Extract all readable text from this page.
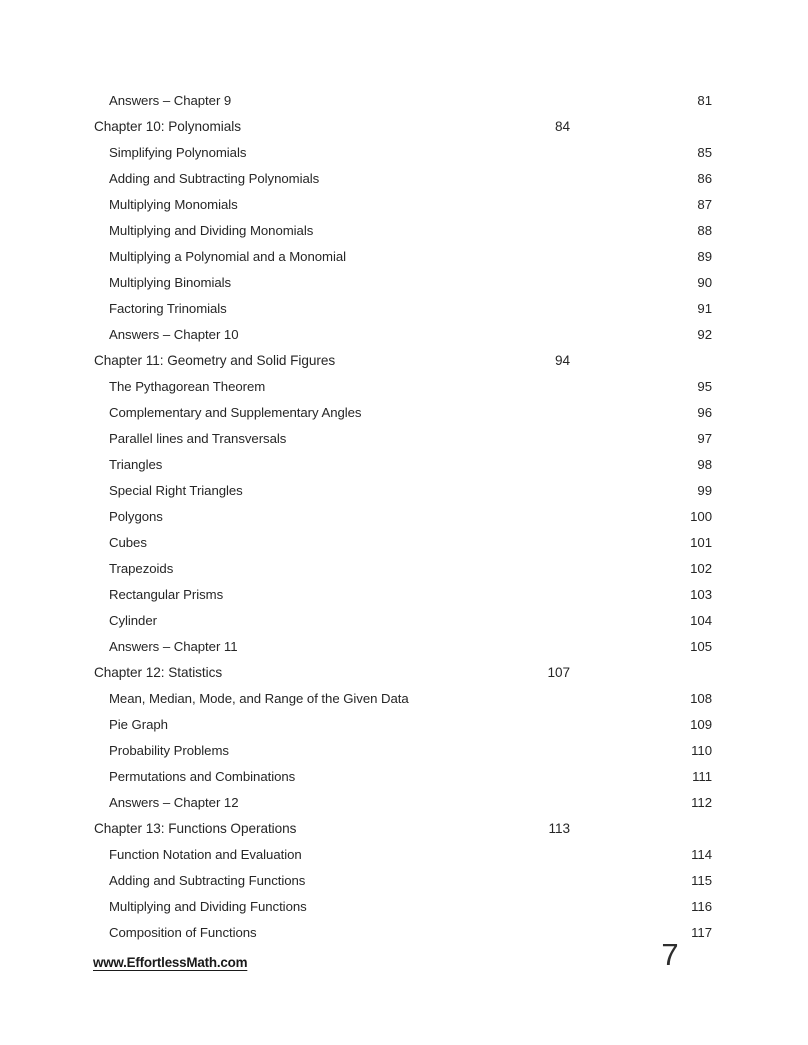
Answers – Chapter 9 .....	81
Chapter 10: Polynomials .....	84
Simplifying Polynomials .....	85
Adding and Subtracting Polynomials .....	86
Multiplying Monomials .....	87
Multiplying and Dividing Monomials .....	88
Multiplying a Polynomial and a Monomial .....	89
Multiplying Binomials .....	90
Factoring Trinomials .....	91
Answers – Chapter 10 .....	92
Chapter 11: Geometry and Solid Figures .....	94
The Pythagorean Theorem .....	95
Complementary and Supplementary Angles .....	96
Parallel lines and Transversals .....	97
Triangles .....	98
Special Right Triangles .....	99
Polygons .....	100
Cubes .....	101
Trapezoids .....	102
Rectangular Prisms .....	103
Cylinder .....	104
Answers – Chapter 11 .....	105
Chapter 12: Statistics .....	107
Mean, Median, Mode, and Range of the Given Data .....	108
Pie Graph .....	109
Probability Problems .....	110
Permutations and Combinations .....	111
Answers – Chapter 12 .....	112
Chapter 13: Functions Operations .....	113
Function Notation and Evaluation .....	114
Adding and Subtracting Functions .....	115
Multiplying and Dividing Functions .....	116
Composition of Functions .....	117
www.EffortlessMath.com	7
